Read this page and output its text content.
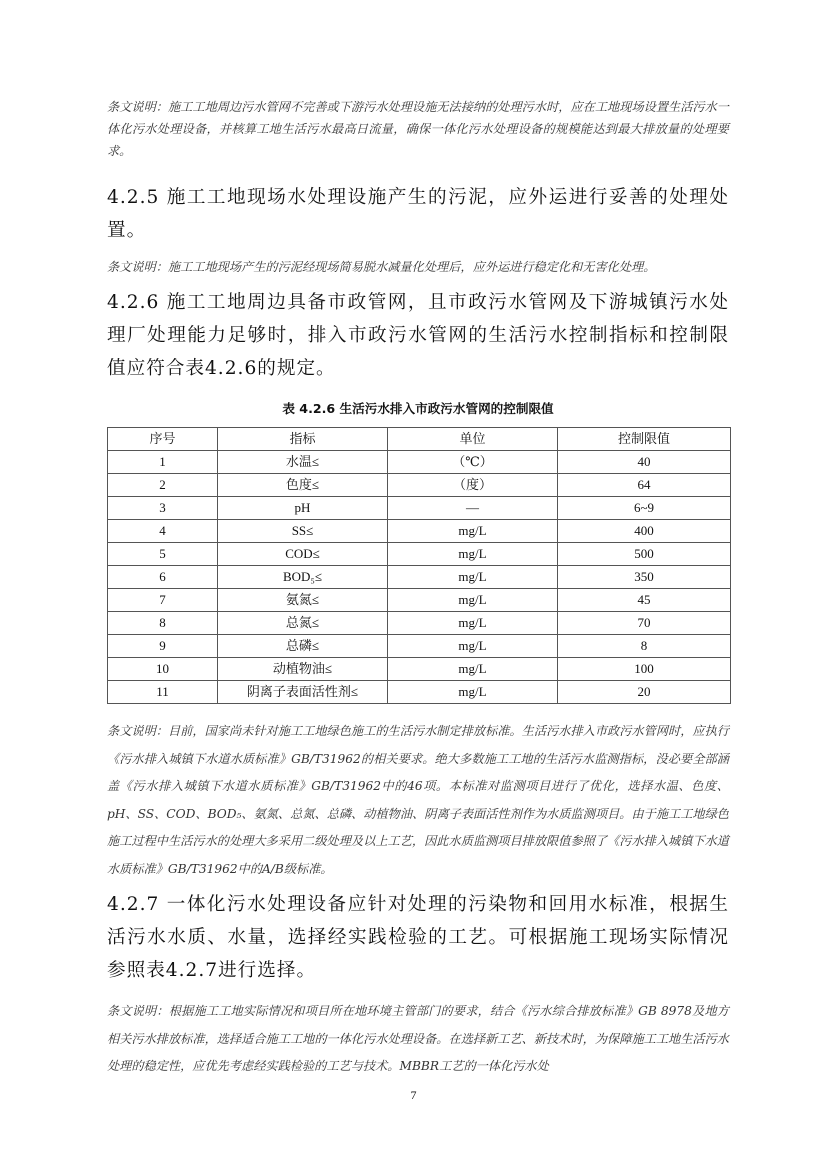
条文说明：施工工地周边污水管网不完善或下游污水处理设施无法接纳的处理污水时，应在工地现场设置生活污水一体化污水处理设备，并核算工地生活污水最高日流量，确保一体化污水处理设备的规模能达到最大排放量的处理要求。

4.2.5 施工工地现场水处理设施产生的污泥，应外运进行妥善的处理处置。

条文说明：施工工地现场产生的污泥经现场简易脱水减量化处理后，应外运进行稳定化和无害化处理。

4.2.6 施工工地周边具备市政管网，且市政污水管网及下游城镇污水处理厂处理能力足够时，排入市政污水管网的生活污水控制指标和控制限值应符合表4.2.6的规定。

表 4.2.6 生活污水排入市政污水管网的控制限值

序号	指标	单位	控制限值
1	水温≤	（℃）	40
2	色度≤	（度）	64
3	pH	—	6~9
4	SS≤	mg/L	400
5	COD≤	mg/L	500
6	BOD₅≤	mg/L	350
7	氨氮≤	mg/L	45
8	总氮≤	mg/L	70
9	总磷≤	mg/L	8
10	动植物油≤	mg/L	100
11	阴离子表面活性剂≤	mg/L	20

条文说明：目前，国家尚未针对施工工地绿色施工的生活污水制定排放标准。生活污水排入市政污水管网时，应执行《污水排入城镇下水道水质标准》GB/T31962的相关要求。绝大多数施工工地的生活污水监测指标，没必要全部涵盖《污水排入城镇下水道水质标准》GB/T31962中的46项。本标准对监测项目进行了优化，选择水温、色度、pH、SS、COD、BOD₅、氨氮、总氮、总磷、动植物油、阴离子表面活性剂作为水质监测项目。由于施工工地绿色施工过程中生活污水的处理大多采用二级处理及以上工艺，因此水质监测项目排放限值参照了《污水排入城镇下水道水质标准》GB/T31962中的A/B级标准。

4.2.7 一体化污水处理设备应针对处理的污染物和回用水标准，根据生活污水水质、水量，选择经实践检验的工艺。可根据施工现场实际情况参照表4.2.7进行选择。

条文说明：根据施工工地实际情况和项目所在地环境主管部门的要求，结合《污水综合排放标准》GB 8978及地方相关污水排放标准，选择适合施工工地的一体化污水处理设备。在选择新工艺、新技术时，为保障施工工地生活污水处理的稳定性，应优先考虑经实践检验的工艺与技术。MBBR工艺的一体化污水处

7
